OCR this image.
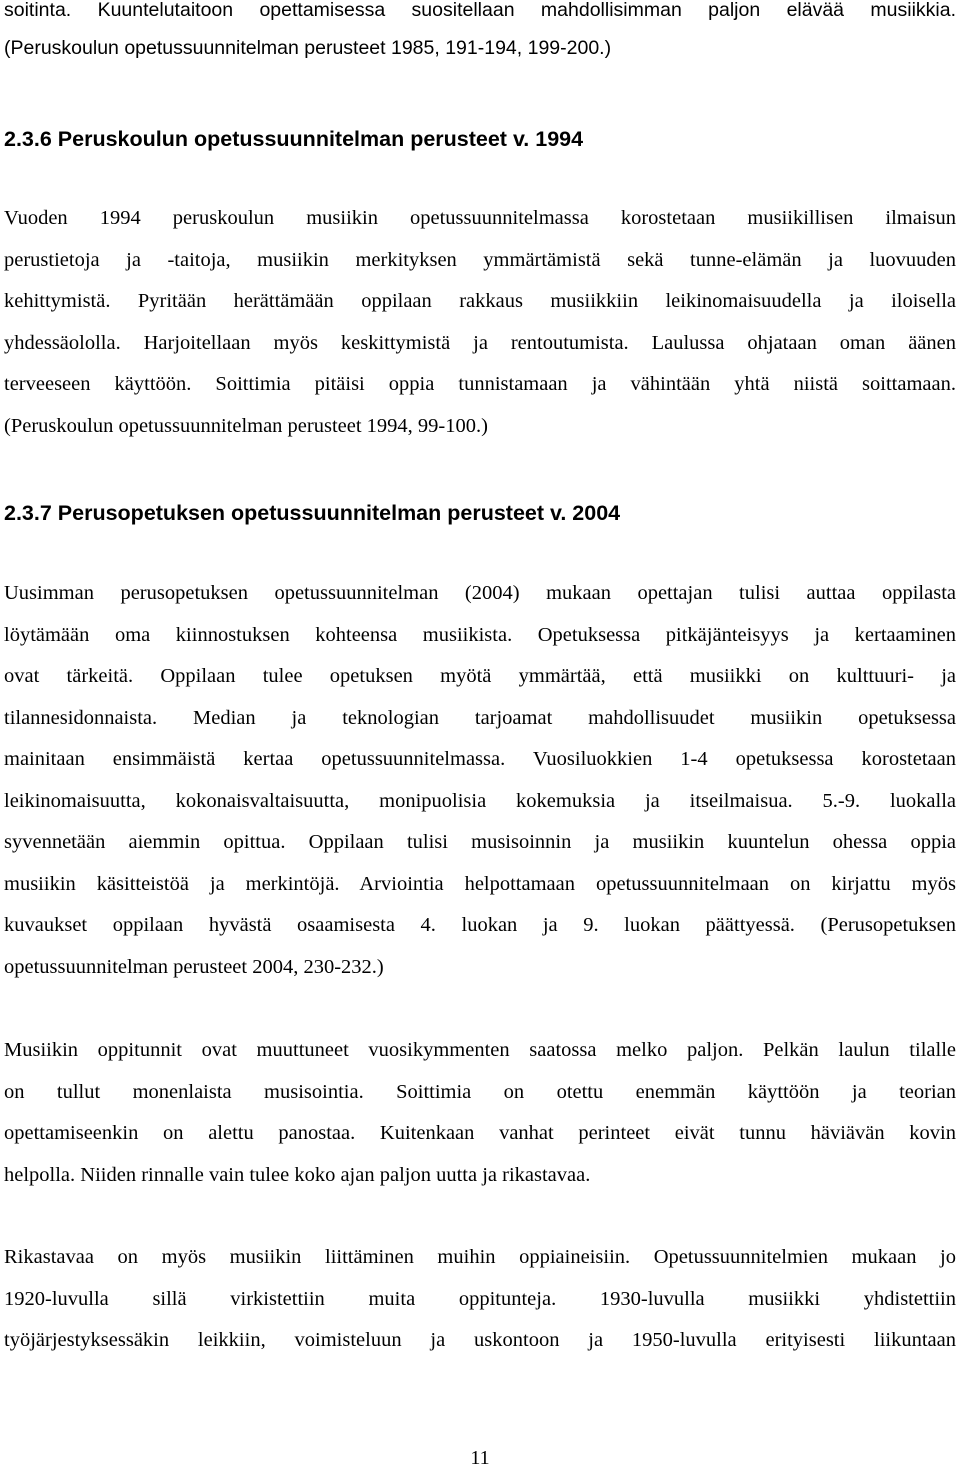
soitinta. Kuuntelutaitoon opettamisessa suositellaan mahdollisimman paljon elävää musiikkia.
(Peruskoulun opetussuunnitelman perusteet 1985, 191-194, 199-200.)
2.3.6 Peruskoulun opetussuunnitelman perusteet v. 1994
Vuoden 1994 peruskoulun musiikin opetussuunnitelmassa korostetaan musiikillisen ilmaisun
perustietoja ja -taitoja, musiikin merkityksen ymmärtämistä sekä tunne-elämän ja luovuuden
kehittymistä. Pyritään herättämään oppilaan rakkaus musiikkiin leikinomaisuudella ja iloisella
yhdessäololla. Harjoitellaan myös keskittymistä ja rentoutumista. Laulussa ohjataan oman äänen
terveeseen käyttöön. Soittimia pitäisi oppia tunnistamaan ja vähintään yhtä niistä soittamaan.
(Peruskoulun opetussuunnitelman perusteet 1994, 99-100.)
2.3.7 Perusopetuksen opetussuunnitelman perusteet v. 2004
Uusimman perusopetuksen opetussuunnitelman (2004) mukaan opettajan tulisi auttaa oppilasta
löytämään oma kiinnostuksen kohteensa musiikista. Opetuksessa pitkäjänteisyys ja kertaaminen
ovat tärkeitä. Oppilaan tulee opetuksen myötä ymmärtää, että musiikki on kulttuuri- ja
tilannesidonnaista. Median ja teknologian tarjoamat mahdollisuudet musiikin opetuksessa
mainitaan ensimmäistä kertaa opetussuunnitelmassa. Vuosiluokkien 1-4 opetuksessa korostetaan
leikinomaisuutta, kokonaisvaltaisuutta, monipuolisia kokemuksia ja itseilmaisua. 5.-9. luokalla
syvennetään aiemmin opittua. Oppilaan tulisi musisoinnin ja musiikin kuuntelun ohessa oppia
musiikin käsitteistöä ja merkintöjä. Arviointia helpottamaan opetussuunnitelmaan on kirjattu myös
kuvaukset oppilaan hyvästä osaamisesta 4. luokan ja 9. luokan päättyessä. (Perusopetuksen
opetussuunnitelman perusteet 2004, 230-232.)
Musiikin oppitunnit ovat muuttuneet vuosikymmenten saatossa melko paljon. Pelkän laulun tilalle
on tullut monenlaista musisointia. Soittimia on otettu enemmän käyttöön ja teorian
opettamiseenkin on alettu panostaa. Kuitenkaan vanhat perinteet eivät tunnu häviävän kovin
helpolla. Niiden rinnalle vain tulee koko ajan paljon uutta ja rikastavaa.
Rikastavaa on myös musiikin liittäminen muihin oppiaineisiin. Opetussuunnitelmien mukaan jo
1920-luvulla sillä virkistettiin muita oppitunteja. 1930-luvulla musiikki yhdistettiin
työjärjestyksessäkin leikkiin, voimisteluun ja uskontoon ja 1950-luvulla erityisesti liikuntaan
11
